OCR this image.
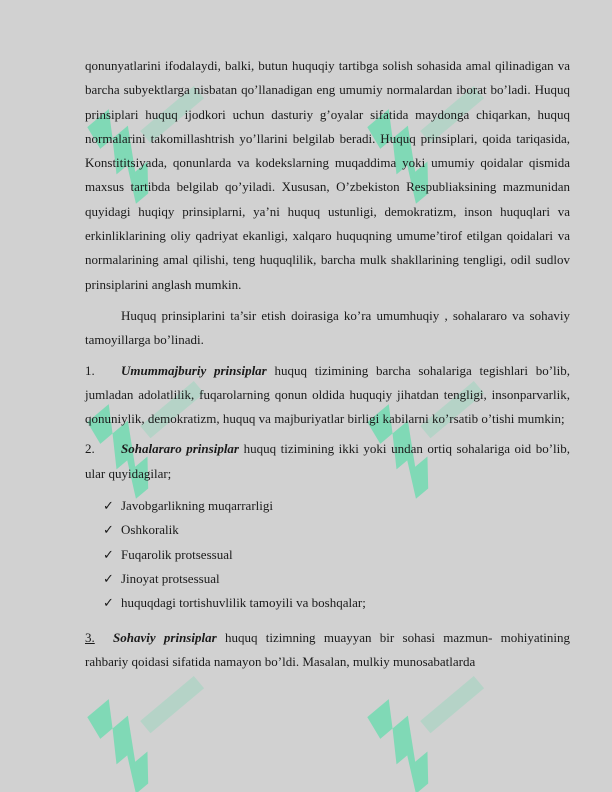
qonunyatlarini ifodalaydi, balki, butun huquqiy tartibga solish sohasida amal qilinadigan va barcha subyektlarga nisbatan qo’llanadigan eng umumiy normalardan iborat bo’ladi. Huquq prinsiplari huquq ijodkori uchun dasturiy g’oyalar sifatida maydonga chiqarkan, huquq normalarini takomillashtrish yo’llarini belgilab beradi. Huquq prinsiplari, qoida tariqasida, Konstititsiyada, qonunlarda va kodekslarning muqaddima yoki umumiy qoidalar qismida maxsus tartibda belgilab qo’yiladi. Xususan, O’zbekiston Respubliaksining mazmunidan quyidagi huqiqy prinsiplarni, ya’ni huquq ustunligi, demokratizm, inson huquqlari va erkinliklarining oliy qadriyat ekanligi, xalqaro huquqning umume’tirof etilgan qoidalari va normalarining amal qilishi, teng huquqlilik, barcha mulk shakllarining tengligi, odil sudlov prinsiplarini anglash mumkin.

Huquq prinsiplarini ta’sir etish doirasiga ko’ra umumhuqiy , sohalararo va sohaviy tamoyillarga bo’linadi.

1. Umummajburiy prinsiplar huquq tizimining barcha sohalariga tegishlari bo’lib, jumladan adolatlilik, fuqarolarning qonun oldida huquqiy jihatdan tengligi, insonparvarlik, qonuniylik, demokratizm, huquq va majburiyatlar birligi kabilarni ko’rsatib o’tishi mumkin;
2. Sohalararo prinsiplar huquq tizimining ikki yoki undan ortiq sohalariga oid bo’lib, ular quyidagilar;
✓ Javobgarlikning muqarrarligi
✓ Oshkoralik
✓ Fuqarolik protsessual
✓ Jinoyat protsessual
✓ huquqdagi tortishuvlilik tamoyili va boshqalar;
3. Sohaviy prinsiplar huquq tizimning muayyan bir sohasi mazmun- mohiyatining rahbariy qoidasi sifatida namayon bo’ldi. Masalan, mulkiy munosabatlarda
